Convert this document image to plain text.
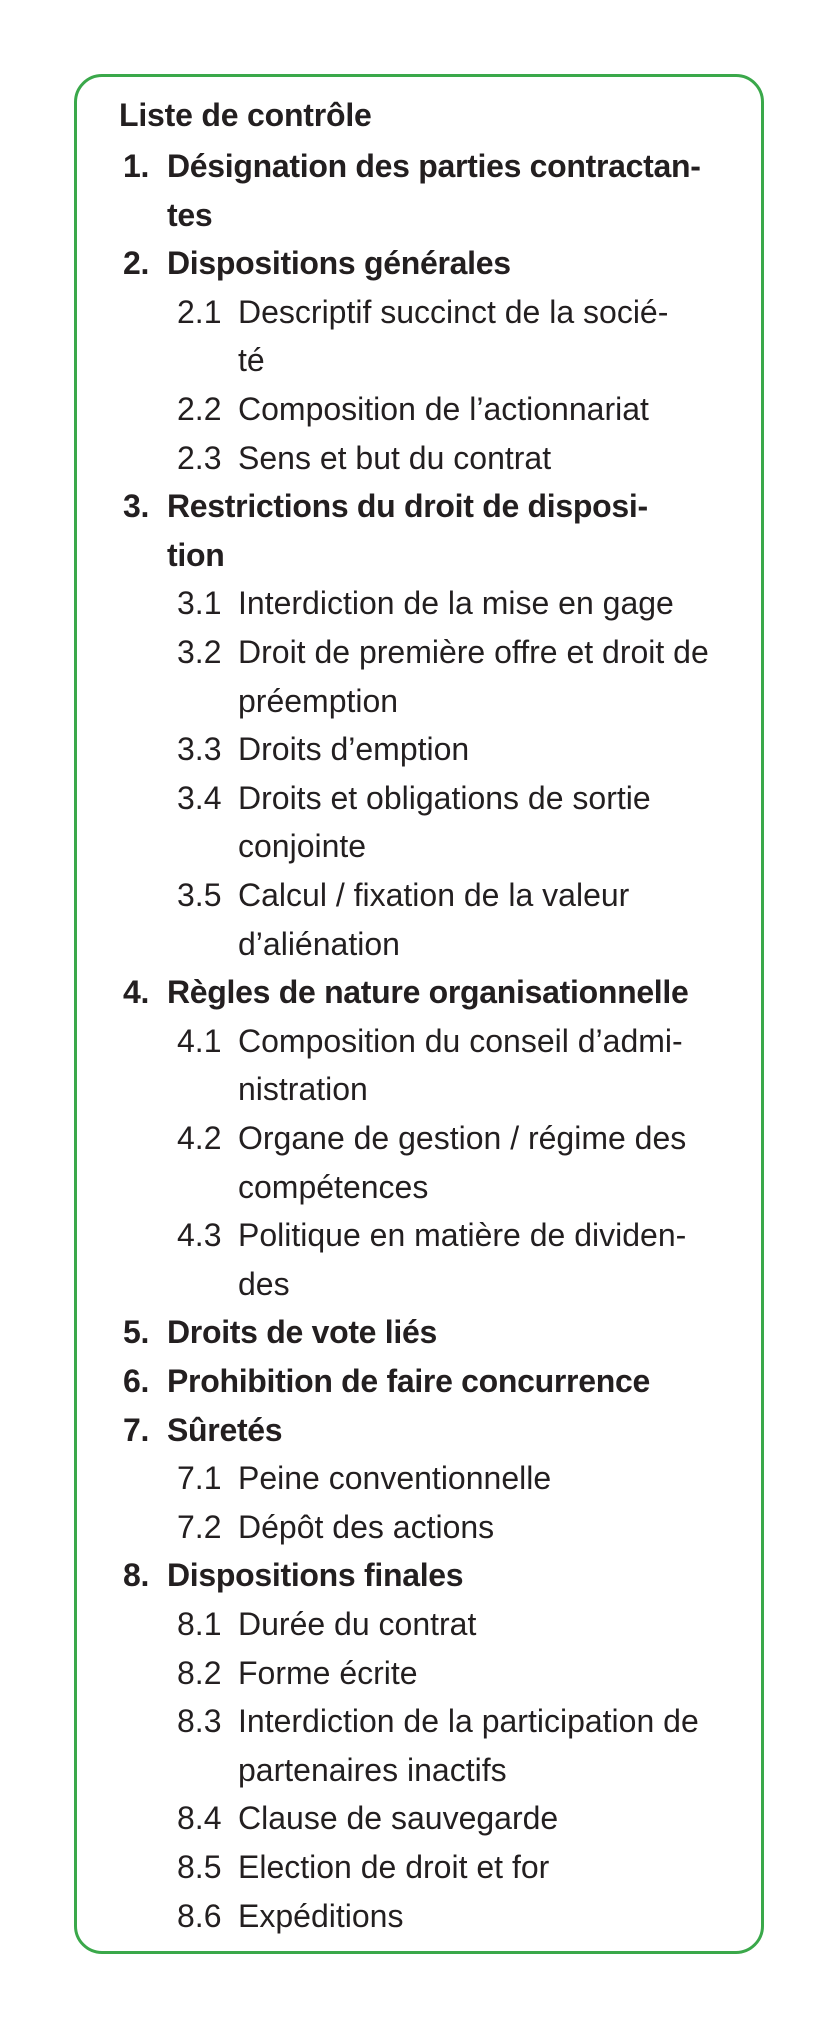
Liste de contrôle
1. Désignation des parties contractan-
tes
2. Dispositions générales
2.1 Descriptif succinct de la socié-
té
2.2 Composition de l’actionnariat
2.3 Sens et but du contrat
3. Restrictions du droit de disposi-
tion
3.1 Interdiction de la mise en gage
3.2 Droit de première offre et droit de
préemption
3.3 Droits d’emption
3.4 Droits et obligations de sortie
conjointe
3.5 Calcul / fixation de la valeur
d’aliénation
4. Règles de nature organisationnelle
4.1 Composition du conseil d’admi-
nistration
4.2 Organe de gestion / régime des
compétences
4.3 Politique en matière de dividen-
des
5. Droits de vote liés
6. Prohibition de faire concurrence
7. Sûretés
7.1 Peine conventionnelle
7.2 Dépôt des actions
8. Dispositions finales
8.1 Durée du contrat
8.2 Forme écrite
8.3 Interdiction de la participation de
partenaires inactifs
8.4 Clause de sauvegarde
8.5 Election de droit et for
8.6 Expéditions
